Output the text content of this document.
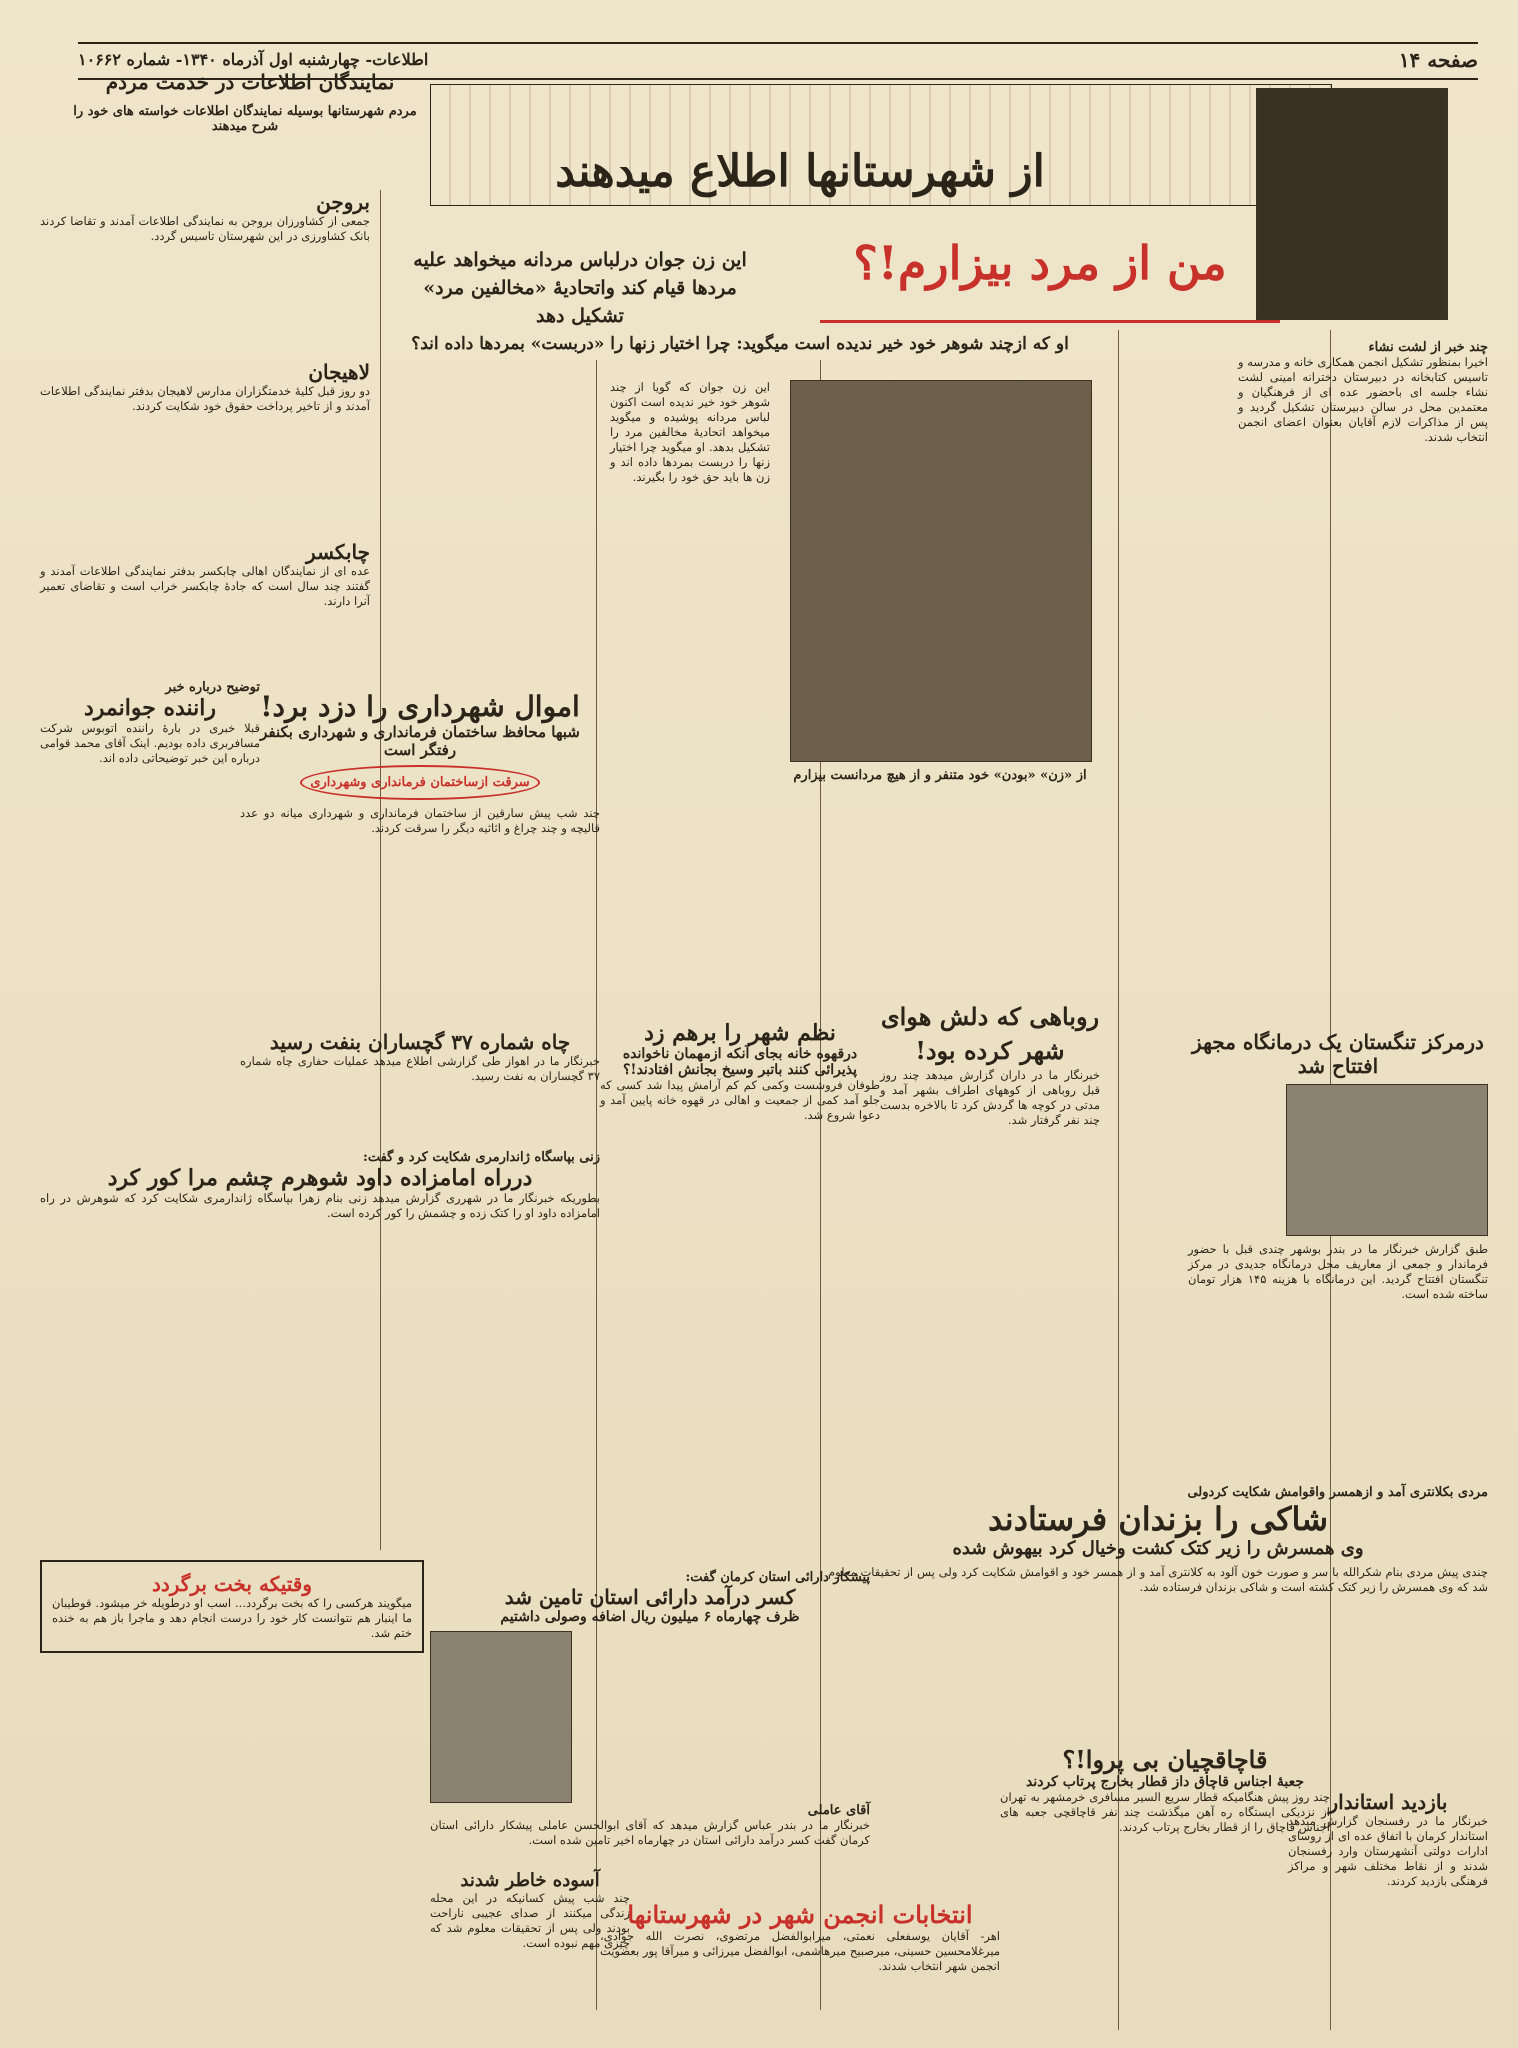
صفحه ۱۴
اطلاعات- چهارشنبه اول آذرماه ۱۳۴۰- شماره ۱۰۶۶۲
از شهرستانها اطلاع میدهند
نمایندگان اطلاعات در خدمت مردم
مردم شهرستانها بوسیله نمایندگان اطلاعات خواسته های خود را شرح میدهند
من از مرد بیزارم!؟
این زن جوان درلباس مردانه میخواهد علیه مردها قیام کند واتحادیهٔ «مخالفین مرد» تشکیل دهد
او که ازچند شوهر خود خیر ندیده است میگوید: چرا اختیار زنها را «دربست» بمردها داده اند؟	چند خبر از لشت نشاء
اخیرا بمنظور تشکیل انجمن همکاری خانه و مدرسه و تاسیس کتابخانه در دبیرستان دخترانه امینی لشت نشاء جلسه ای باحضور عده ای از فرهنگیان و معتمدین محل در سالن دبیرستان تشکیل گردید و پس از مذاکرات لازم آقایان بعنوان اعضای انجمن انتخاب شدند.
درمرکز تنگستان یک درمانگاه مجهز افتتاح شد
طبق گزارش خبرنگار ما در بندر بوشهر چندی قبل با حضور فرماندار و جمعی از معاریف محل درمانگاه جدیدی در مرکز تنگستان افتتاح گردید. این درمانگاه با هزینه ۱۴۵ هزار تومان ساخته شده است.
مردی بکلانتری آمد و ازهمسر واقوامش شکایت کردولی
شاکی را بزندان فرستادند
وی همسرش را زیر کتک کشت وخیال کرد بیهوش شده
چندی پیش مردی بنام شکرالله با سر و صورت خون آلود به کلانتری آمد و از همسر خود و اقوامش شکایت کرد ولی پس از تحقیقات معلوم شد که وی همسرش را زیر کتک کشته است و شاکی بزندان فرستاده شد.
بازدید استاندار
خبرنگار ما در رفسنجان گزارش میدهد استاندار کرمان با اتفاق عده ای از روسای ادارات دولتی آنشهرستان وارد رفسنجان شدند و از نقاط مختلف شهر و مراکز فرهنگی بازدید کردند.
از «زن» «بودن» خود متنفر و از هیچ مردانست بیزارم
این زن جوان که گویا از چند شوهر خود خیر ندیده است اکنون لباس مردانه پوشیده و میگوید میخواهد اتحادیهٔ مخالفین مرد را تشکیل بدهد. او میگوید چرا اختیار زنها را دربست بمردها داده اند و زن ها باید حق خود را بگیرند.
روباهی که دلش هوای شهر کرده بود!
خبرنگار ما در داران گزارش میدهد چند روز قبل روباهی از کوههای اطراف بشهر آمد و مدتی در کوچه ها گردش کرد تا بالاخره بدست چند نفر گرفتار شد.
قاچاقچیان بی پروا!؟
جعبهٔ اجناس قاچاق داز قطار بخارج پرتاب کردند
چند روز پیش هنگامیکه قطار سریع السیر مسافری خرمشهر به تهران از نزدیکی ایستگاه ره آهن میگذشت چند نفر قاچاقچی جعبه های اجناس قاچاق را از قطار بخارج پرتاب کردند.
نظم شهر را برهم زد
درقهوه خانه بجای آنکه ازمهمان ناخوانده پذیرائی کنند باتبر وسیخ بجانش افتادند!؟
طوفان فروشست وکمی کم کم آرامش پیدا شد کسی که جلو آمد کمی از جمعیت و اهالی در قهوه خانه پایین آمد و دعوا شروع شد.
پیشکار دارائی استان کرمان گفت:
کسر درآمد دارائی استان تامین شد
ظرف چهارماه ۶ میلیون ریال اضافه وصولی داشتیم
آقای عاملی
خبرنگار ما در بندر عباس گزارش میدهد که آقای ابوالحسن عاملی پیشکار دارائی استان کرمان گفت کسر درآمد دارائی استان در چهارماه اخیر تامین شده است.
آسوده خاطر شدند
چند شب پیش کسانیکه در این محله زندگی میکنند از صدای عجیبی ناراحت بودند ولی پس از تحقیقات معلوم شد که چیزی مهم نبوده است.
انتخابات انجمن شهر در شهرستانها
اهر- آقایان یوسفعلی نعمتی، میرابوالفضل مرتضوی، نصرت الله جوادی، میرغلامحسین حسینی، میرصبیح میرهاشمی، ابوالفضل میرزائی و میرآقا پور بعضویت انجمن شهر انتخاب شدند.
بروجن
جمعی از کشاورزان بروجن به نمایندگی اطلاعات آمدند و تقاضا کردند بانک کشاورزی در این شهرستان تاسیس گردد.
لاهیجان
دو روز قبل کلیهٔ خدمتگزاران مدارس لاهیجان بدفتر نمایندگی اطلاعات آمدند و از تاخیر پرداخت حقوق خود شکایت کردند.
چابکسر
عده ای از نمایندگان اهالی چابکسر بدفتر نمایندگی اطلاعات آمدند و گفتند چند سال است که جادهٔ چابکسر خراب است و تقاضای تعمیر آنرا دارند.
توضیح درباره خبر
راننده جوانمرد
قبلا خبری در بارهٔ راننده اتوبوس شرکت مسافربری داده بودیم. اینک آقای محمد قوامی درباره این خبر توضیحاتی داده اند.
اموال شهرداری را دزد برد!
شبها محافظ ساختمان فرمانداری و شهرداری بکنفر رفتگر است
سرقت ازساختمان فرمانداری وشهرداری
چند شب پیش سارقین از ساختمان فرمانداری و شهرداری میانه دو عدد قالیچه و چند چراغ و اثاثیه دیگر را سرقت کردند.
چاه شماره ۳۷ گچساران بنفت رسید
خبرنگار ما در اهواز طی گزارشی اطلاع میدهد عملیات حفاری چاه شماره ۳۷ گچساران به نفت رسید.
زنی بپاسگاه ژاندارمری شکایت کرد و گفت:
درراه امامزاده داود شوهرم چشم مرا کور کرد
بطوریکه خبرنگار ما در شهرری گزارش میدهد زنی بنام زهرا بپاسگاه ژاندارمری شکایت کرد که شوهرش در راه امامزاده داود او را کتک زده و چشمش را کور کرده است.
وقتیکه بخت برگردد
میگویند هرکسی را که بخت برگردد... اسب او درطویله خر میشود. قوطیبان ما اینبار هم نتوانست کار خود را درست انجام دهد و ماجرا باز هم به خنده ختم شد.
